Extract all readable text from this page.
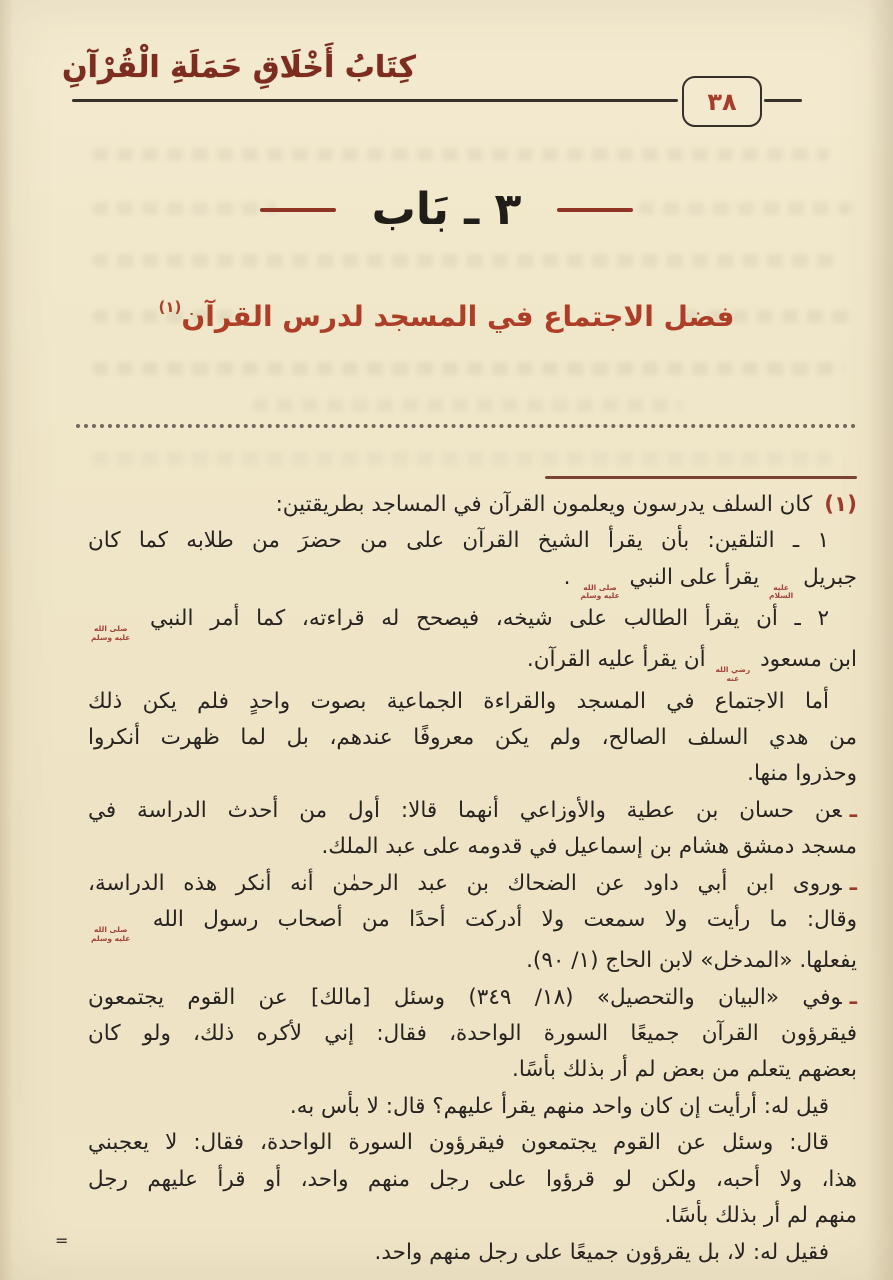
كِتَابُ أَخْلَاقِ حَمَلَةِ الْقُرْآنِ
٣٨
٣ ـ بَاب
فضل الاجتماع في المسجد لدرس القرآن$^{(١)}$
(١)كان السلف يدرسون ويعلمون القرآن في المساجد بطريقتين:
١ ـ التلقين: بأن يقرأ الشيخ القرآن على من حضرَ من طلابه كما كان
جبريل
عليه
السلام
يقرأ على النبي
صلى الله
عليه وسلم
.
٢ ـ أن يقرأ الطالب على شيخه، فيصحح له قراءته، كما أمر النبي
صلى الله
عليه وسلم
ابن مسعود
رضي الله
عنه
أن يقرأ عليه القرآن.
أما الاجتماع في المسجد والقراءة الجماعية بصوت واحدٍ فلم يكن ذلك
من هدي السلف الصالح، ولم يكن معروفًا عندهم، بل لما ظهرت أنكروا
وحذروا منها.
ـعن حسان بن عطية والأوزاعي أنهما قالا: أول من أحدث الدراسة في
مسجد دمشق هشام بن إسماعيل في قدومه على عبد الملك.
ـوروى ابن أبي داود عن الضحاك بن عبد الرحمٰن أنه أنكر هذه الدراسة،
وقال: ما رأيت ولا سمعت ولا أدركت أحدًا من أصحاب رسول الله
صلى الله
عليه وسلم
يفعلها. «المدخل» لابن الحاج (١/ ٩٠).
ـوفي «البيان والتحصيل» (١٨/ ٣٤٩) وسئل [مالك] عن القوم يجتمعون
فيقرؤون القرآن جميعًا السورة الواحدة، فقال: إني لأكره ذلك، ولو كان
بعضهم يتعلم من بعض لم أر بذلك بأسًا.
قيل له: أرأيت إن كان واحد منهم يقرأ عليهم؟ قال: لا بأس به.
قال: وسئل عن القوم يجتمعون فيقرؤون السورة الواحدة، فقال: لا يعجبني
هذا، ولا أحبه، ولكن لو قرؤوا على رجل منهم واحد، أو قرأ عليهم رجل
منهم لم أر بذلك بأسًا.
فقيل له: لا، بل يقرؤون جميعًا على رجل منهم واحد.
=
